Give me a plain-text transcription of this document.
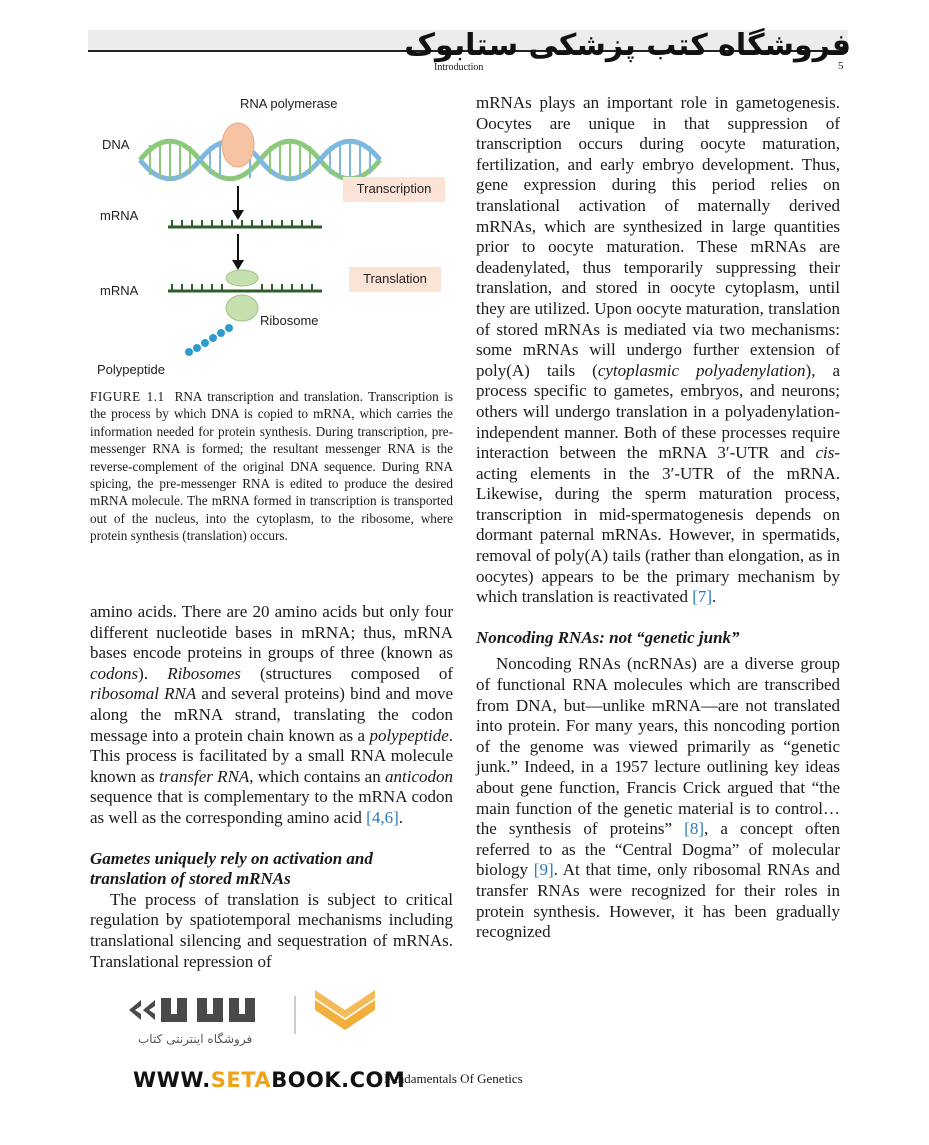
فروشگاه کتب پزشکی ستابوک
Introduction	5
RNA polymerase
DNA
mRNA
mRNA
Ribosome
Polypeptide
Transcription
Translation
FIGURE 1.1 RNA transcription and translation. Transcription is the process by which DNA is copied to mRNA, which carries the information needed for protein synthesis. During transcription, pre-messenger RNA is formed; the resultant messenger RNA is the reverse-complement of the original DNA sequence. During RNA spicing, the pre-messenger RNA is edited to produce the desired mRNA molecule. The mRNA formed in transcription is transported out of the nucleus, into the cytoplasm, to the ribosome, where protein synthesis (translation) occurs.

amino acids. There are 20 amino acids but only four different nucleotide bases in mRNA; thus, mRNA bases encode proteins in groups of three (known as codons). Ribosomes (structures composed of ribosomal RNA and several proteins) bind and move along the mRNA strand, translating the codon message into a protein chain known as a polypeptide. This process is facilitated by a small RNA molecule known as transfer RNA, which contains an anticodon sequence that is complementary to the mRNA codon as well as the corresponding amino acid [4,6].

Gametes uniquely rely on activation and translation of stored mRNAs

The process of translation is subject to critical regulation by spatiotemporal mechanisms including translational silencing and sequestration of mRNAs. Translational repression of

mRNAs plays an important role in gametogenesis. Oocytes are unique in that suppression of transcription occurs during oocyte maturation, fertilization, and early embryo development. Thus, gene expression during this period relies on translational activation of maternally derived mRNAs, which are synthesized in large quantities prior to oocyte maturation. These mRNAs are deadenylated, thus temporarily suppressing their translation, and stored in oocyte cytoplasm, until they are utilized. Upon oocyte maturation, translation of stored mRNAs is mediated via two mechanisms: some mRNAs will undergo further extension of poly(A) tails (cytoplasmic polyadenylation), a process specific to gametes, embryos, and neurons; others will undergo translation in a polyadenylation-independent manner. Both of these processes require interaction between the mRNA 3′-UTR and cis-acting elements in the 3′-UTR of the mRNA. Likewise, during the sperm maturation process, transcription in mid-spermatogenesis depends on dormant paternal mRNAs. However, in spermatids, removal of poly(A) tails (rather than elongation, as in oocytes) appears to be the primary mechanism by which translation is reactivated [7].

Noncoding RNAs: not “genetic junk”

Noncoding RNAs (ncRNAs) are a diverse group of functional RNA molecules which are transcribed from DNA, but—unlike mRNA—are not translated into protein. For many years, this noncoding portion of the genome was viewed primarily as “genetic junk.” Indeed, in a 1957 lecture outlining key ideas about gene function, Francis Crick argued that “the main function of the genetic material is to control…the synthesis of proteins” [8], a concept often referred to as the “Central Dogma” of molecular biology [9]. At that time, only ribosomal RNAs and transfer RNAs were recognized for their roles in protein synthesis. However, it has been gradually recognized

فروشگاه اینترنتی کتاب
WWW.SETABOOK.COM
Fundamentals Of Genetics
